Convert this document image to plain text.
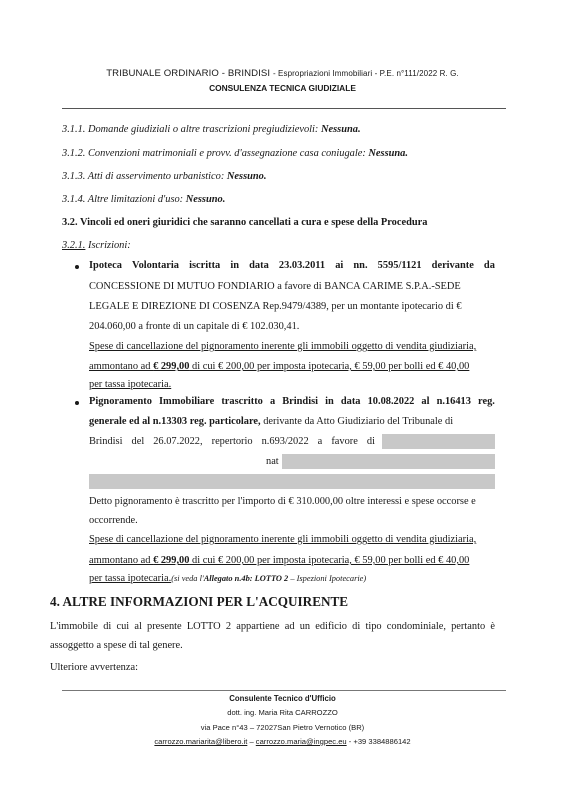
TRIBUNALE ORDINARIO - BRINDISI - Espropriazioni Immobiliari - P.E. n°111/2022 R. G.
CONSULENZA TECNICA GIUDIZIALE
3.1.1. Domande giudiziali o altre trascrizioni pregiudizievoli: Nessuna.
3.1.2. Convenzioni matrimoniali e provv. d'assegnazione casa coniugale: Nessuna.
3.1.3. Atti di asservimento urbanistico: Nessuno.
3.1.4. Altre limitazioni d'uso: Nessuno.
3.2. Vincoli ed oneri giuridici che saranno cancellati a cura e spese della Procedura
3.2.1. Iscrizioni:
Ipoteca Volontaria iscritta in data 23.03.2011 ai nn. 5595/1121 derivante da
CONCESSIONE DI MUTUO FONDIARIO a favore di BANCA CARIME S.P.A.-SEDE
LEGALE E DIREZIONE DI COSENZA Rep.9479/4389, per un montante ipotecario di €
204.060,00 a fronte di un capitale di € 102.030,41.
Spese di cancellazione del pignoramento inerente gli immobili oggetto di vendita giudiziaria,
ammontano ad € 299,00 di cui € 200,00 per imposta ipotecaria, € 59,00 per bolli ed € 40,00
per tassa ipotecaria.
Pignoramento Immobiliare trascritto a Brindisi in data 10.08.2022 al n.16413 reg.
generale ed al n.13303 reg. particolare, derivante da Atto Giudiziario del Tribunale di
Brindisi del 26.07.2022, repertorio n.693/2022 a favore di
nat
Detto pignoramento è trascritto per l'importo di € 310.000,00 oltre interessi e spese occorse e
occorrende.
Spese di cancellazione del pignoramento inerente gli immobili oggetto di vendita giudiziaria,
4. ALTRE INFORMAZIONI PER L'ACQUIRENTE
L'immobile di cui al presente LOTTO 2 appartiene ad un edificio di tipo condominiale, pertanto è
assoggetto a spese di tal genere.
Ulteriore avvertenza:
Consulente Tecnico d'Ufficio
dott. ing. Maria Rita CARROZZO
via Pace n°43 – 72027San Pietro Vernotico (BR)
carrozzo.mariarita@libero.it – carrozzo.maria@ingpec.eu - +39 3384886142
ammontano ad € 299,00 di cui € 200,00 per imposta ipotecaria, € 59,00 per bolli ed € 40,00
per tassa ipotecaria.(si veda l'Allegato n.4b: LOTTO 2 – Ispezioni Ipotecarie)
